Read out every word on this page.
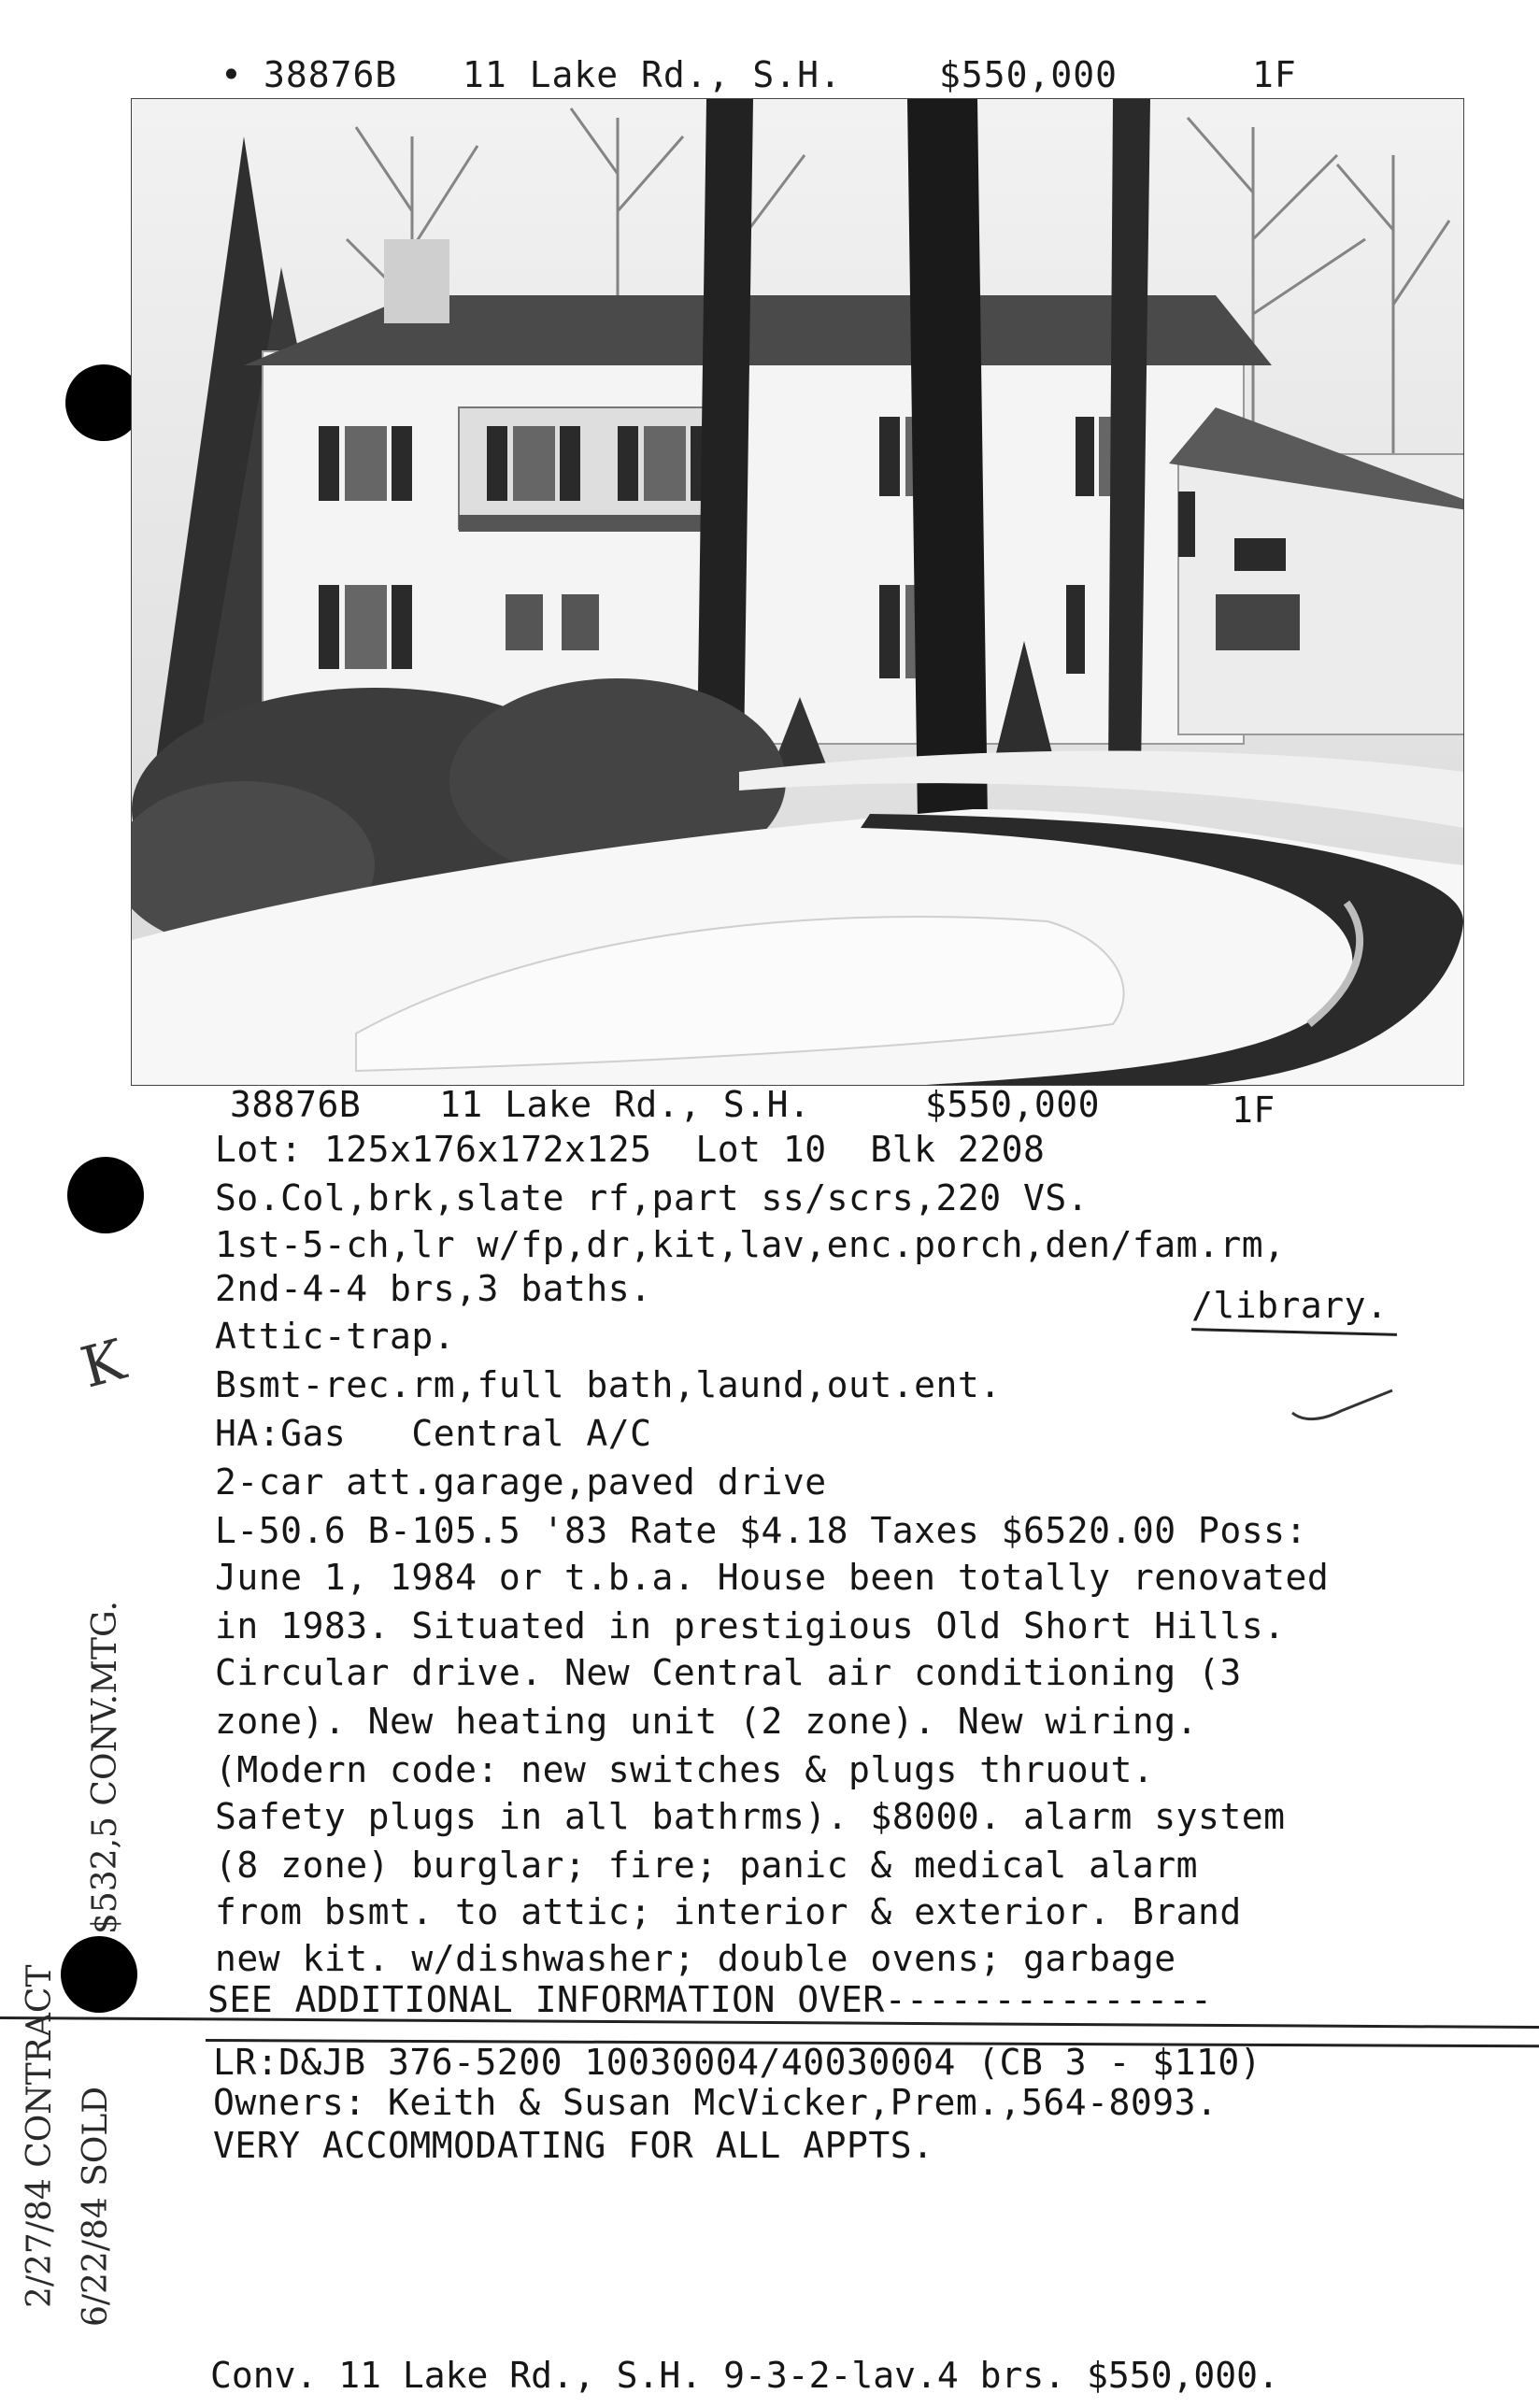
• 38876B 11 Lake Rd., S.H.	$550,000	1F
38876B 11 Lake Rd., S.H.	$550,000	1F
Lot: 125x176x172x125  Lot 10  Blk 2208
So.Col,brk,slate rf,part ss/scrs,220 VS.
1st-5-ch,lr w/fp,dr,kit,lav,enc.porch,den/fam.rm,
2nd-4-4 brs,3 baths.
Attic-trap.
Bsmt-rec.rm,full bath,laund,out.ent.
HA:Gas   Central A/C
2-car att.garage,paved drive
L-50.6 B-105.5 '83 Rate $4.18 Taxes $6520.00 Poss:
June 1, 1984 or t.b.a. House been totally renovated
in 1983. Situated in prestigious Old Short Hills.
Circular drive. New Central air conditioning (3
zone). New heating unit (2 zone). New wiring.
(Modern code: new switches & plugs thruout.
Safety plugs in all bathrms). $8000. alarm system
(8 zone) burglar; fire; panic & medical alarm
from bsmt. to attic; interior & exterior. Brand
new kit. w/dishwasher; double ovens; garbage
SEE ADDITIONAL INFORMATION OVER---------------
/library.
LR:D&JB 376-5200 10030004/40030004 (CB 3 - $110)
Owners: Keith & Susan McVicker,Prem.,564-8093.
VERY ACCOMMODATING FOR ALL APPTS.
2/27/84 CONTRACT 6/22/84 SOLD
$532,5 CONV.MTG.
K
Conv. 11 Lake Rd., S.H. 9-3-2-lav.4 brs. $550,000.
